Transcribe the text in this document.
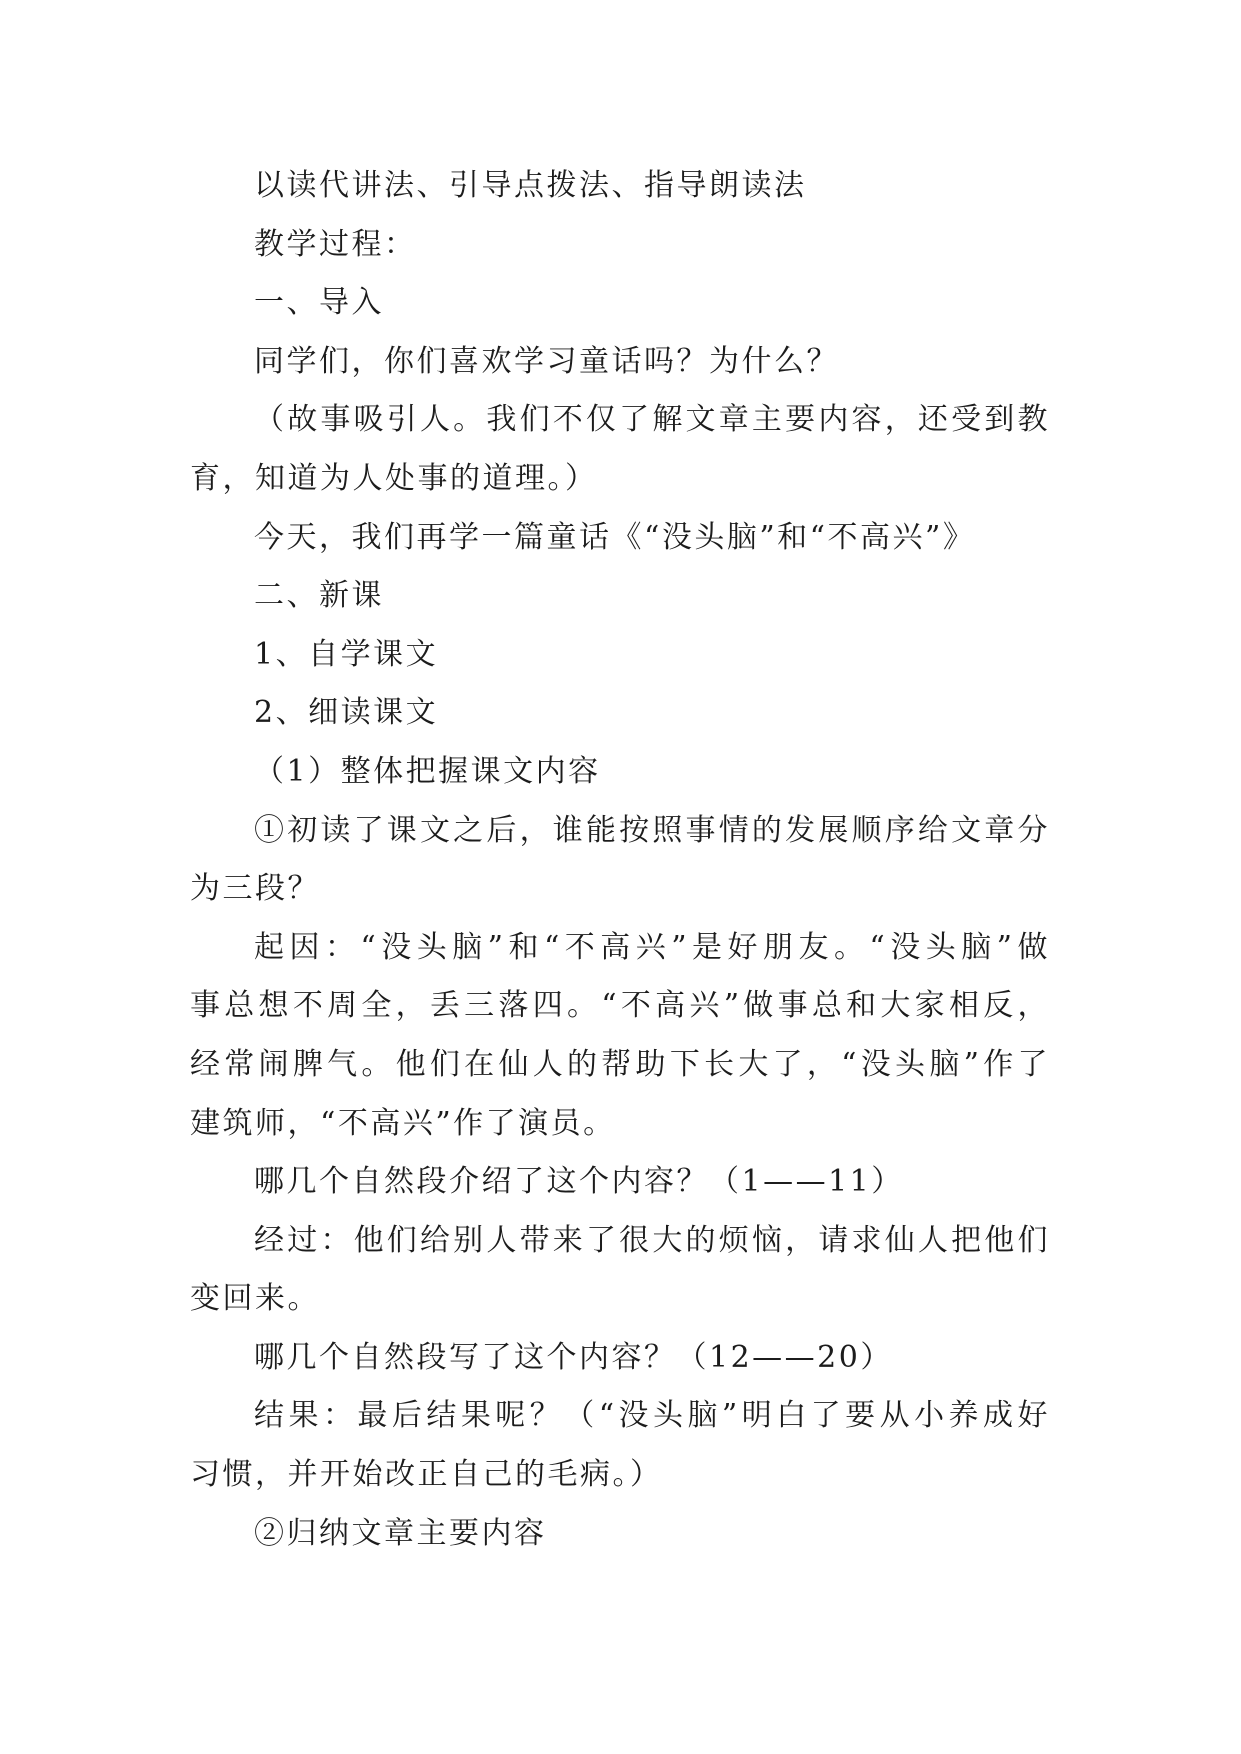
以读代讲法、引导点拨法、指导朗读法
教学过程：
一、导入
同学们，你们喜欢学习童话吗？为什么？
（故事吸引人。我们不仅了解文章主要内容，还受到教
育，知道为人处事的道理。）
今天，我们再学一篇童话《“没头脑”和“不高兴”》
二、新课
1、自学课文
2、细读课文
（1）整体把握课文内容
①初读了课文之后，谁能按照事情的发展顺序给文章分
为三段？
起因：“没头脑”和“不高兴”是好朋友。“没头脑”做
事总想不周全，丢三落四。“不高兴”做事总和大家相反，
经常闹脾气。他们在仙人的帮助下长大了，“没头脑”作了
建筑师，“不高兴”作了演员。
哪几个自然段介绍了这个内容？（1——11）
经过：他们给别人带来了很大的烦恼，请求仙人把他们
变回来。
哪几个自然段写了这个内容？（12——20）
结果：最后结果呢？（“没头脑”明白了要从小养成好
习惯，并开始改正自己的毛病。）
②归纳文章主要内容
